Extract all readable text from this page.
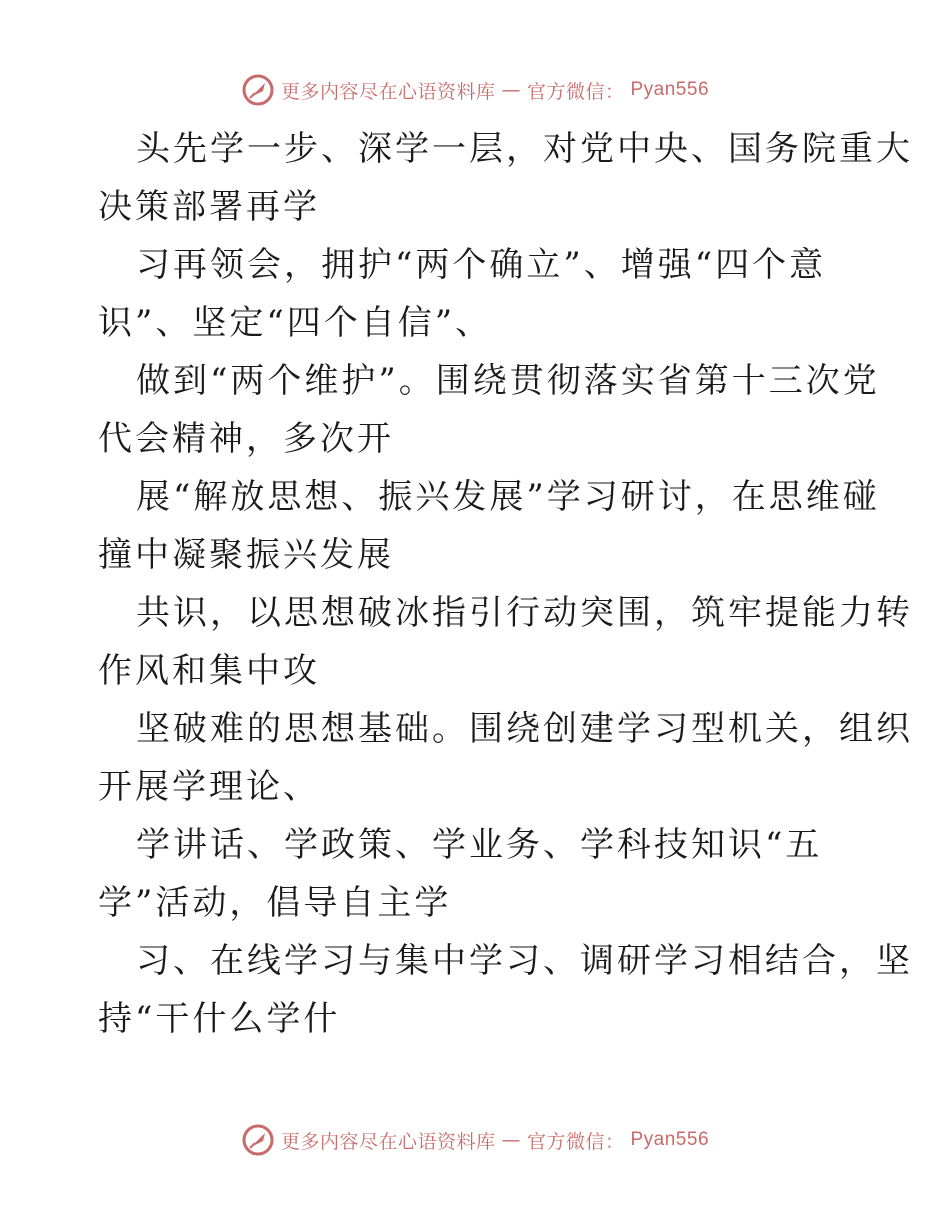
更多内容尽在心语资料库 — 官方微信： Pyan556
头先学一步、深学一层，对党中央、国务院重大
决策部署再学
习再领会，拥护“两个确立”、增强“四个意
识”、坚定“四个自信”、
做到“两个维护”。围绕贯彻落实省第十三次党
代会精神，多次开
展“解放思想、振兴发展”学习研讨，在思维碰
撞中凝聚振兴发展
共识，以思想破冰指引行动突围，筑牢提能力转
作风和集中攻
坚破难的思想基础。围绕创建学习型机关，组织
开展学理论、
学讲话、学政策、学业务、学科技知识“五
学”活动，倡导自主学
习、在线学习与集中学习、调研学习相结合，坚
持“干什么学什
更多内容尽在心语资料库 — 官方微信： Pyan556
